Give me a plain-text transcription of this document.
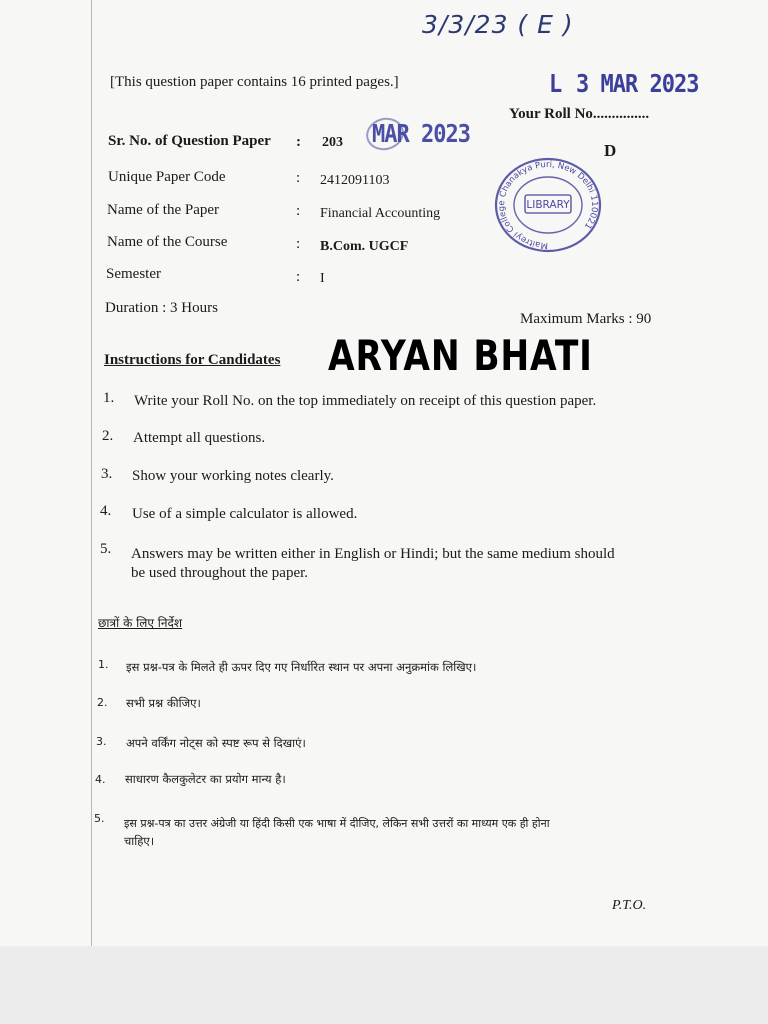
3/3/23 ( E )
[This question paper contains 16 printed pages.]	L 3 MAR 2023
Your Roll No...............
D
Sr. No. of Question Paper : 203 MAR 2023
Unique Paper Code	: 2412091103
Name of the Paper	: Financial Accounting
Name of the Course	: B.Com. UGCF
Semester	: I
Duration : 3 Hours
Maximum Marks : 90
Maitreyi College Chanakya Puri, New Delhi 110021
LIBRARY
ARYAN BHATI
Instructions for Candidates
1. Write your Roll No. on the top immediately on receipt of this question paper.
2. Attempt all questions.
3. Show your working notes clearly.
4. Use of a simple calculator is allowed.
5. Answers may be written either in English or Hindi; but the same medium should
be used throughout the paper.
छात्रों के लिए निर्देश
1. इस प्रश्न-पत्र के मिलते ही ऊपर दिए गए निर्धारित स्थान पर अपना अनुक्रमांक लिखिए।
2. सभी प्रश्न कीजिए।
3. अपने वर्किंग नोट्स को स्पष्ट रूप से दिखाएं।
4. साधारण कैलकुलेटर का प्रयोग मान्य है।
5. इस प्रश्न-पत्र का उत्तर अंग्रेजी या हिंदी किसी एक भाषा में दीजिए, लेकिन सभी उत्तरों का माध्यम एक ही होना
चाहिए।
P.T.O.
